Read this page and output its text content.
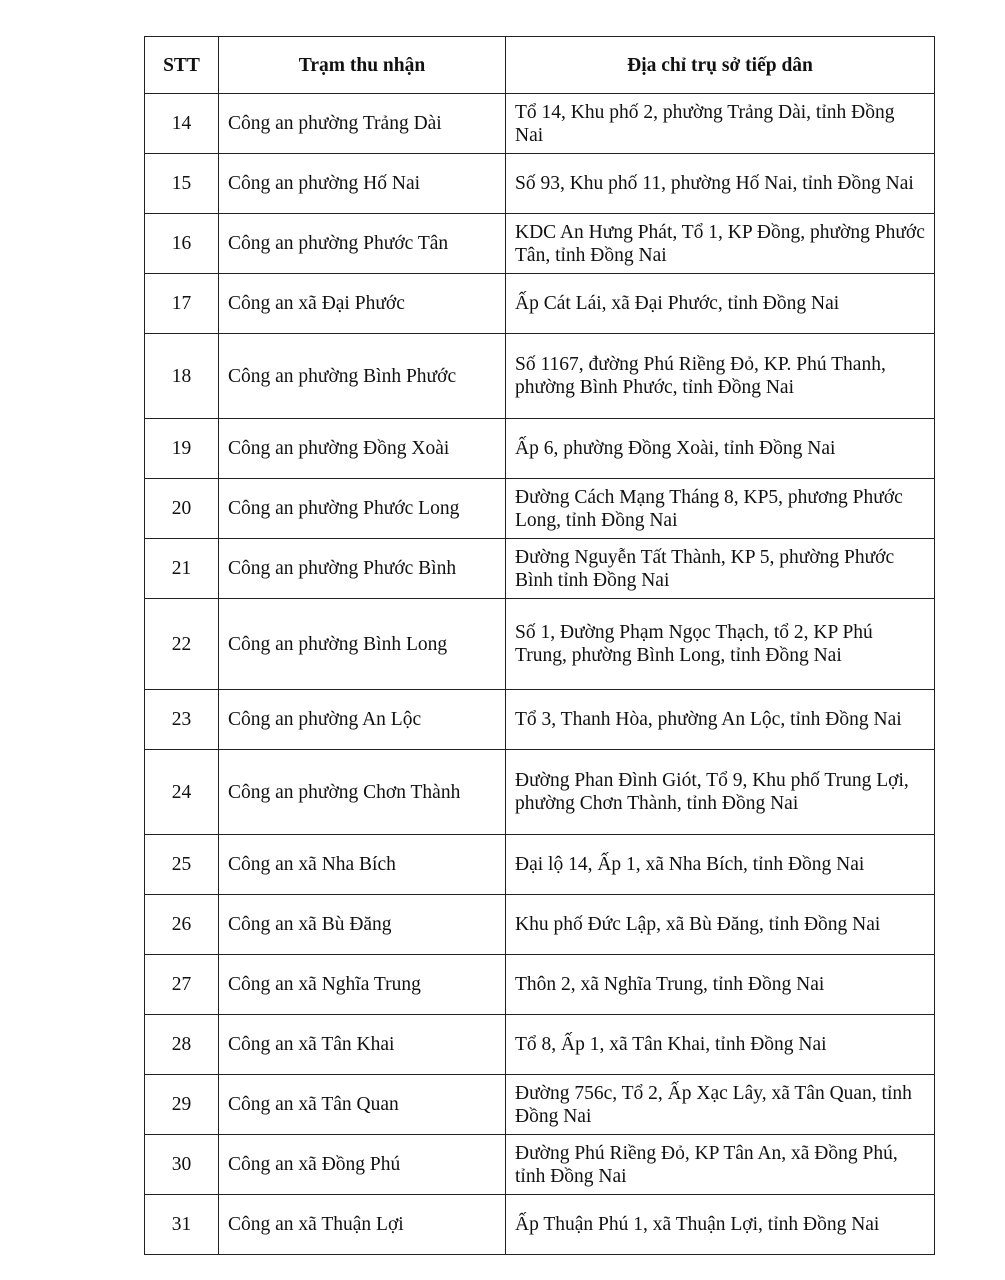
STT	Trạm thu nhận	Địa chỉ trụ sở tiếp dân
14	Công an phường Trảng Dài	Tổ 14, Khu phố 2, phường Trảng Dài, tỉnh Đồng Nai
15	Công an phường Hố Nai	Số 93, Khu phố 11, phường Hố Nai, tỉnh Đồng Nai
16	Công an phường Phước Tân	KDC An Hưng Phát, Tổ 1, KP Đồng, phường Phước Tân, tỉnh Đồng Nai
17	Công an xã Đại Phước	Ấp Cát Lái, xã Đại Phước, tỉnh Đồng Nai
18	Công an phường Bình Phước	Số 1167, đường Phú Riềng Đỏ, KP. Phú Thanh, phường Bình Phước, tỉnh Đồng Nai
19	Công an phường Đồng Xoài	Ấp 6, phường Đồng Xoài, tỉnh Đồng Nai
20	Công an phường Phước Long	Đường Cách Mạng Tháng 8, KP5, phương Phước Long, tỉnh Đồng Nai
21	Công an phường Phước Bình	Đường Nguyễn Tất Thành, KP 5, phường Phước Bình tỉnh Đồng Nai
22	Công an phường Bình Long	Số 1, Đường Phạm Ngọc Thạch, tổ 2, KP Phú Trung, phường Bình Long, tỉnh Đồng Nai
23	Công an phường An Lộc	Tổ 3, Thanh Hòa, phường An Lộc, tỉnh Đồng Nai
24	Công an phường Chơn Thành	Đường Phan Đình Giót, Tổ 9, Khu phố Trung Lợi, phường Chơn Thành, tỉnh Đồng Nai
25	Công an xã Nha Bích	Đại lộ 14, Ấp 1, xã Nha Bích, tỉnh Đồng Nai
26	Công an xã Bù Đăng	Khu phố Đức Lập, xã Bù Đăng, tỉnh Đồng Nai
27	Công an xã Nghĩa Trung	Thôn 2, xã Nghĩa Trung, tỉnh Đồng Nai
28	Công an xã Tân Khai	Tổ 8, Ấp 1, xã Tân Khai, tỉnh Đồng Nai
29	Công an xã Tân Quan	Đường 756c, Tổ 2, Ấp Xạc Lây, xã Tân Quan, tỉnh Đồng Nai
30	Công an xã Đồng Phú	Đường Phú Riềng Đỏ, KP Tân An, xã Đồng Phú, tỉnh Đồng Nai
31	Công an xã Thuận Lợi	Ấp Thuận Phú 1, xã Thuận Lợi, tỉnh Đồng Nai
